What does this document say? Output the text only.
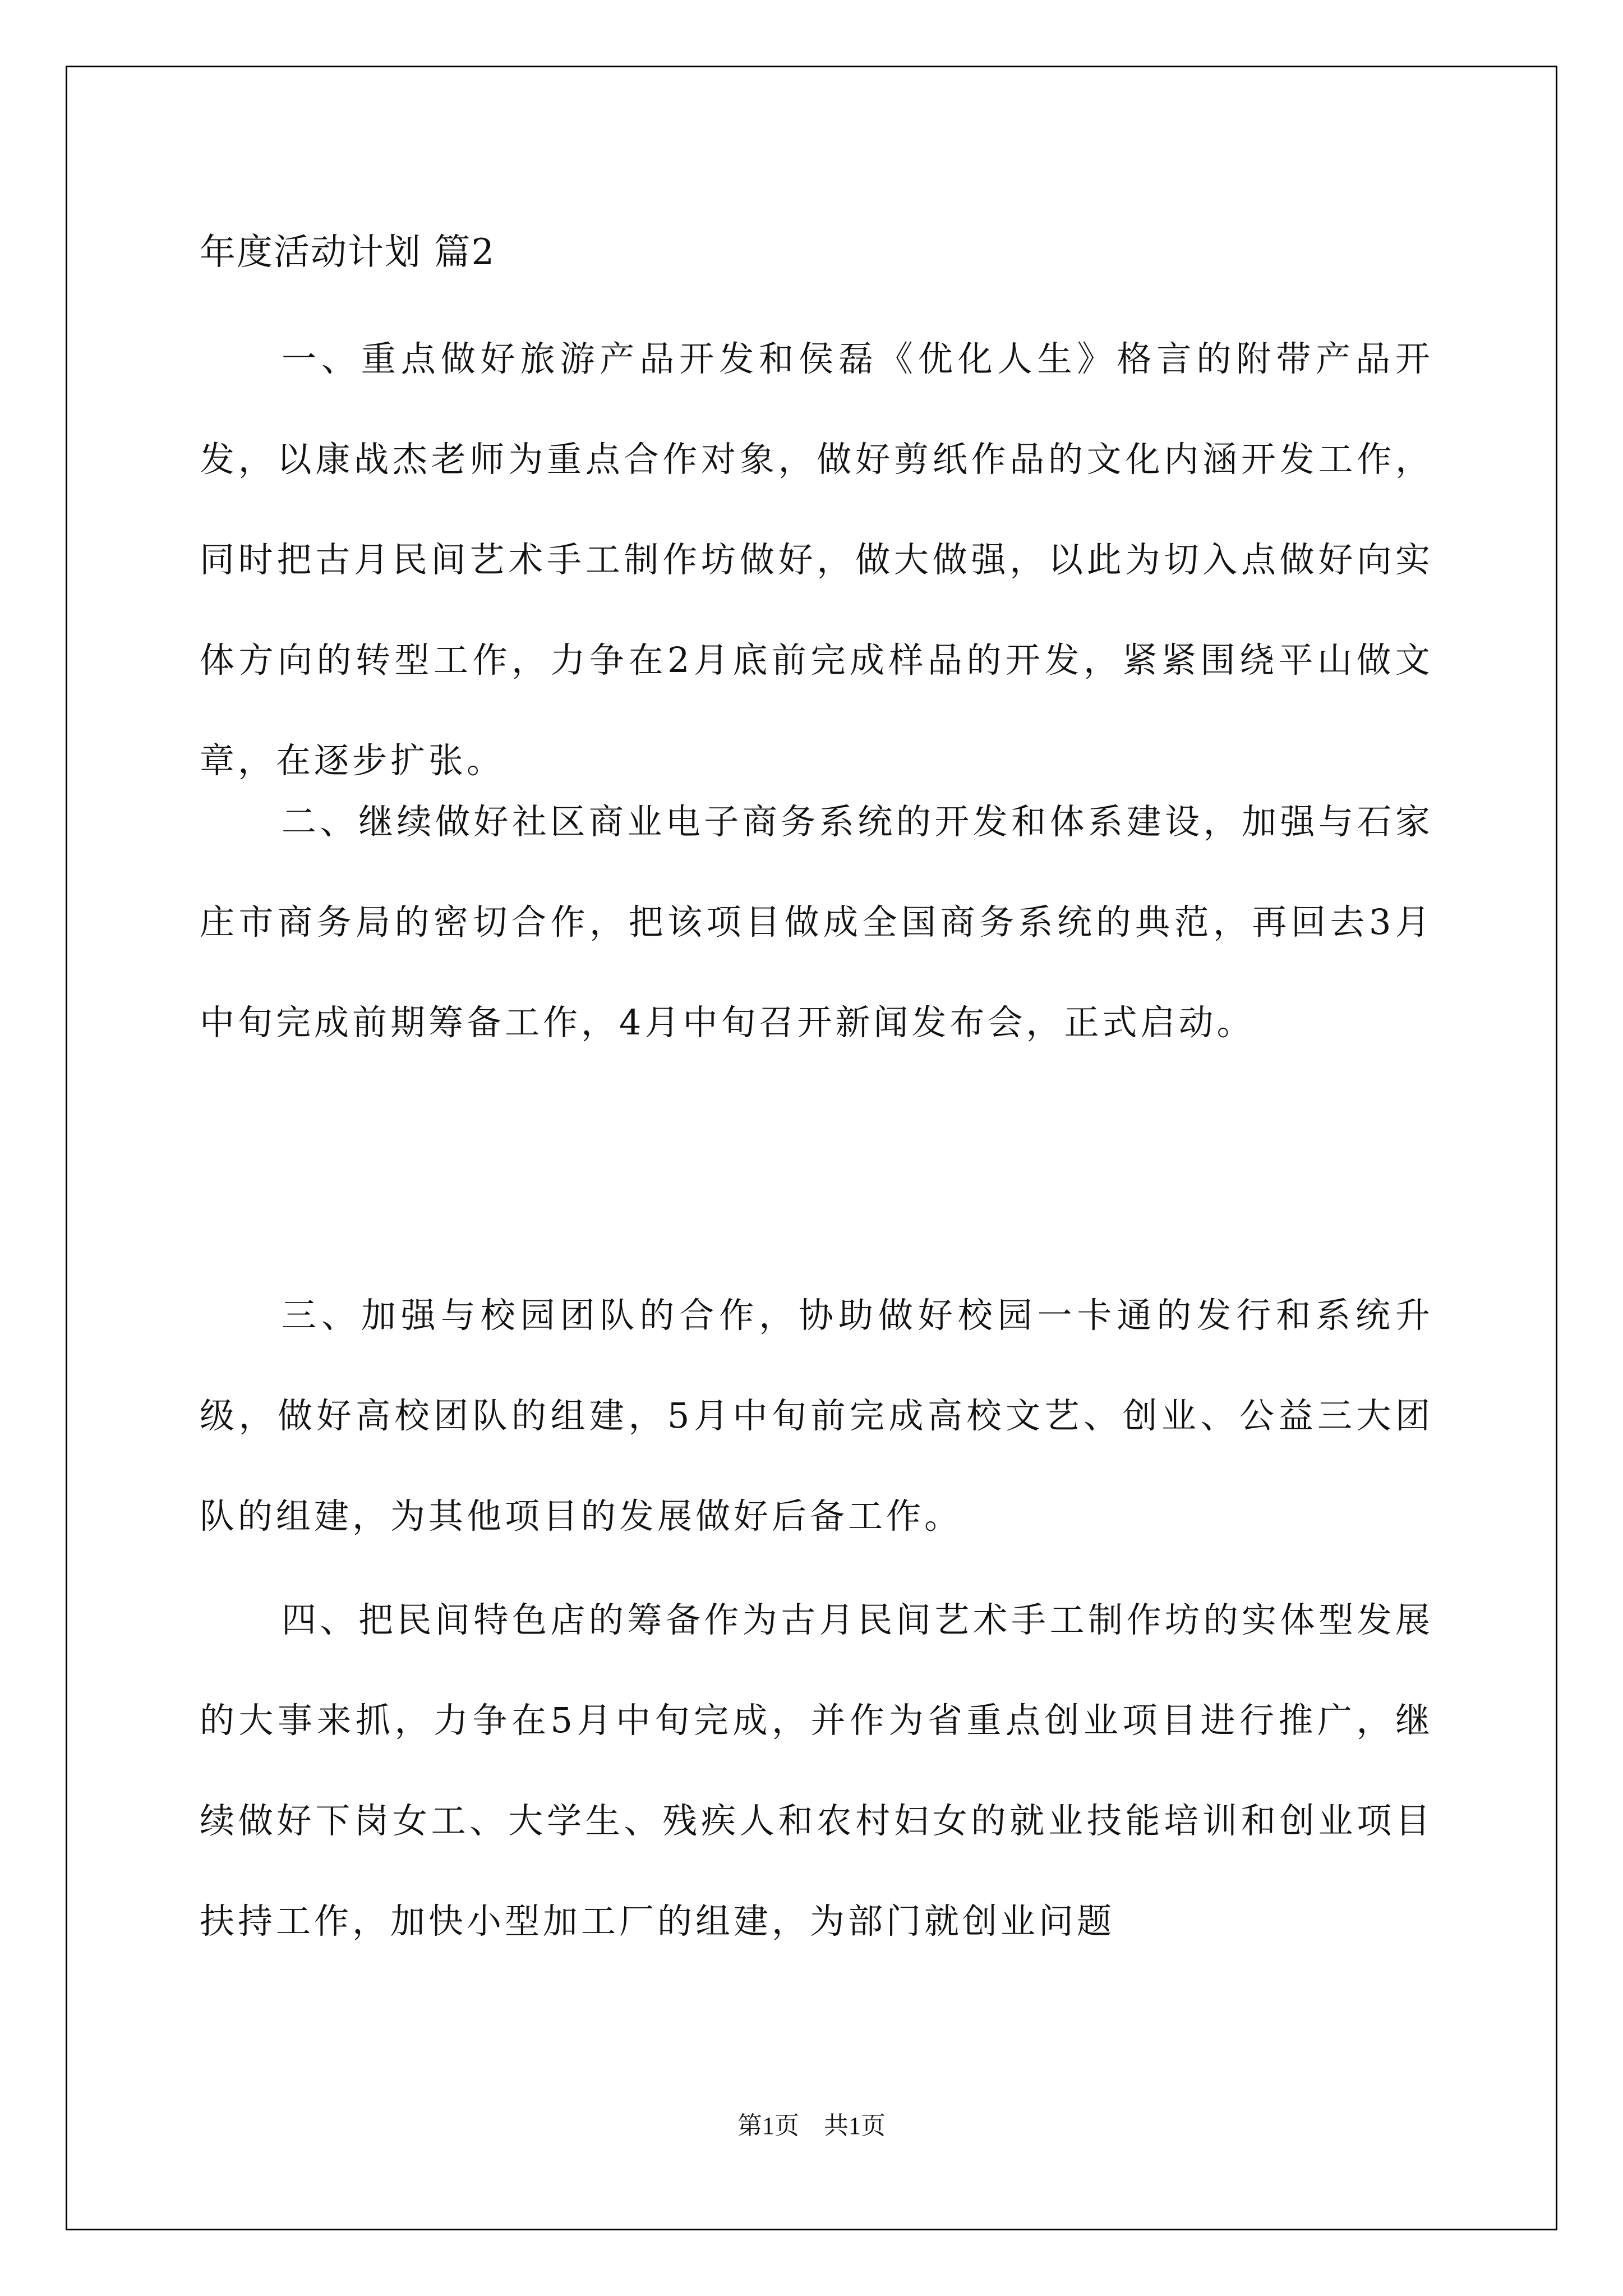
年度活动计划 篇2

一、重点做好旅游产品开发和侯磊《优化人生》格言的附带产品开发，以康战杰老师为重点合作对象，做好剪纸作品的文化内涵开发工作，同时把古月民间艺术手工制作坊做好，做大做强，以此为切入点做好向实体方向的转型工作，力争在2月底前完成样品的开发，紧紧围绕平山做文章，在逐步扩张。

二、继续做好社区商业电子商务系统的开发和体系建设，加强与石家庄市商务局的密切合作，把该项目做成全国商务系统的典范，再回去3月中旬完成前期筹备工作，4月中旬召开新闻发布会，正式启动。

三、加强与校园团队的合作，协助做好校园一卡通的发行和系统升级，做好高校团队的组建，5月中旬前完成高校文艺、创业、公益三大团队的组建，为其他项目的发展做好后备工作。

四、把民间特色店的筹备作为古月民间艺术手工制作坊的实体型发展的大事来抓，力争在5月中旬完成，并作为省重点创业项目进行推广，继续做好下岗女工、大学生、残疾人和农村妇女的就业技能培训和创业项目扶持工作，加快小型加工厂的组建，为部门就创业问题

第1页　共1页
